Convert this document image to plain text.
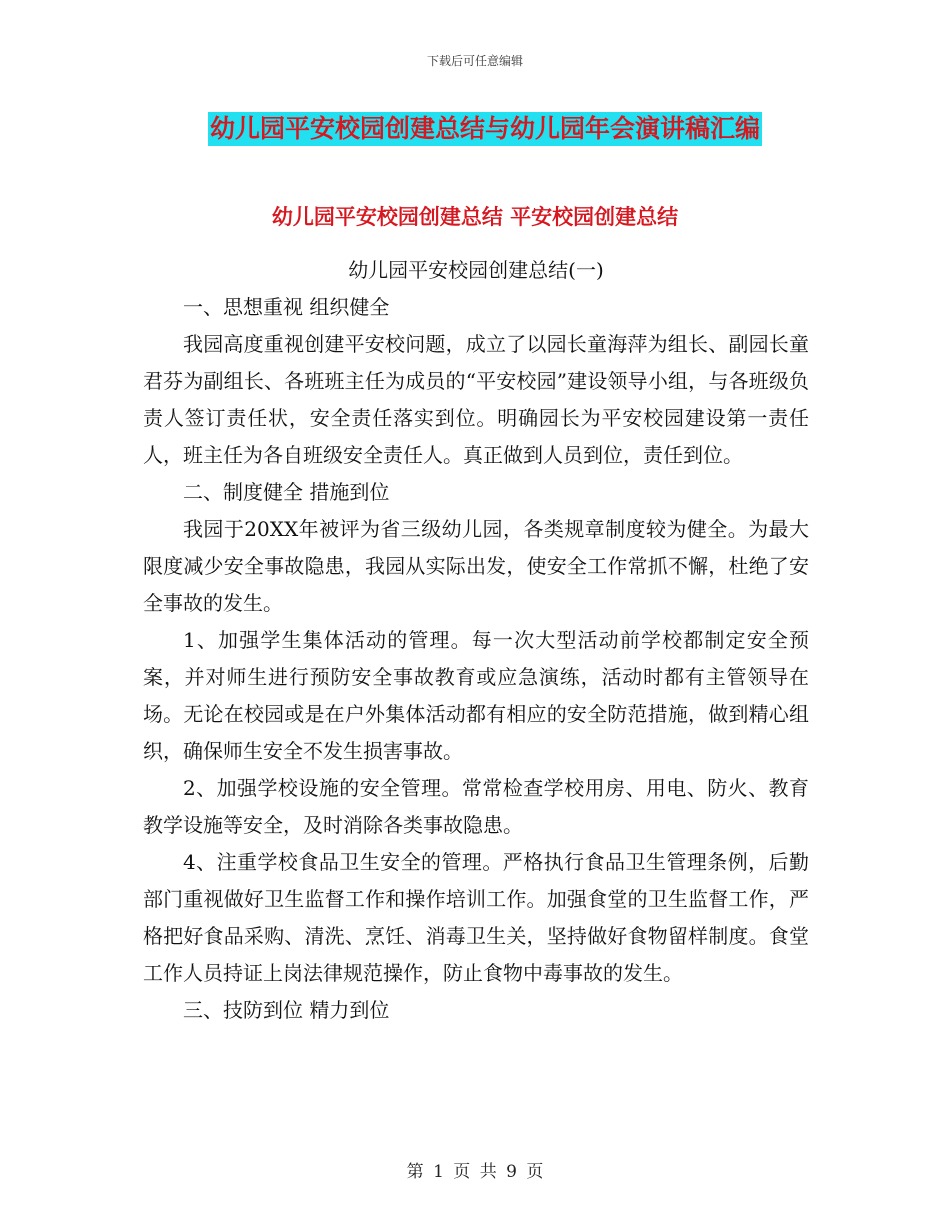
下载后可任意编辑
幼儿园平安校园创建总结与幼儿园年会演讲稿汇编
幼儿园平安校园创建总结 平安校园创建总结

幼儿园平安校园创建总结(一)

一、思想重视 组织健全

我园高度重视创建平安校问题，成立了以园长童海萍为组长、副园长童君芬为副组长、各班班主任为成员的“平安校园”建设领导小组，与各班级负责人签订责任状，安全责任落实到位。明确园长为平安校园建设第一责任人，班主任为各自班级安全责任人。真正做到人员到位，责任到位。

二、制度健全 措施到位

我园于20XX年被评为省三级幼儿园，各类规章制度较为健全。为最大限度减少安全事故隐患，我园从实际出发，使安全工作常抓不懈，杜绝了安全事故的发生。

1、加强学生集体活动的管理。每一次大型活动前学校都制定安全预案，并对师生进行预防安全事故教育或应急演练，活动时都有主管领导在场。无论在校园或是在户外集体活动都有相应的安全防范措施，做到精心组织，确保师生安全不发生损害事故。

2、加强学校设施的安全管理。常常检查学校用房、用电、防火、教育教学设施等安全，及时消除各类事故隐患。

4、注重学校食品卫生安全的管理。严格执行食品卫生管理条例，后勤部门重视做好卫生监督工作和操作培训工作。加强食堂的卫生监督工作，严格把好食品采购、清洗、烹饪、消毒卫生关，坚持做好食物留样制度。食堂工作人员持证上岗法律规范操作，防止食物中毒事故的发生。

三、技防到位 精力到位

第 1 页 共 9 页
